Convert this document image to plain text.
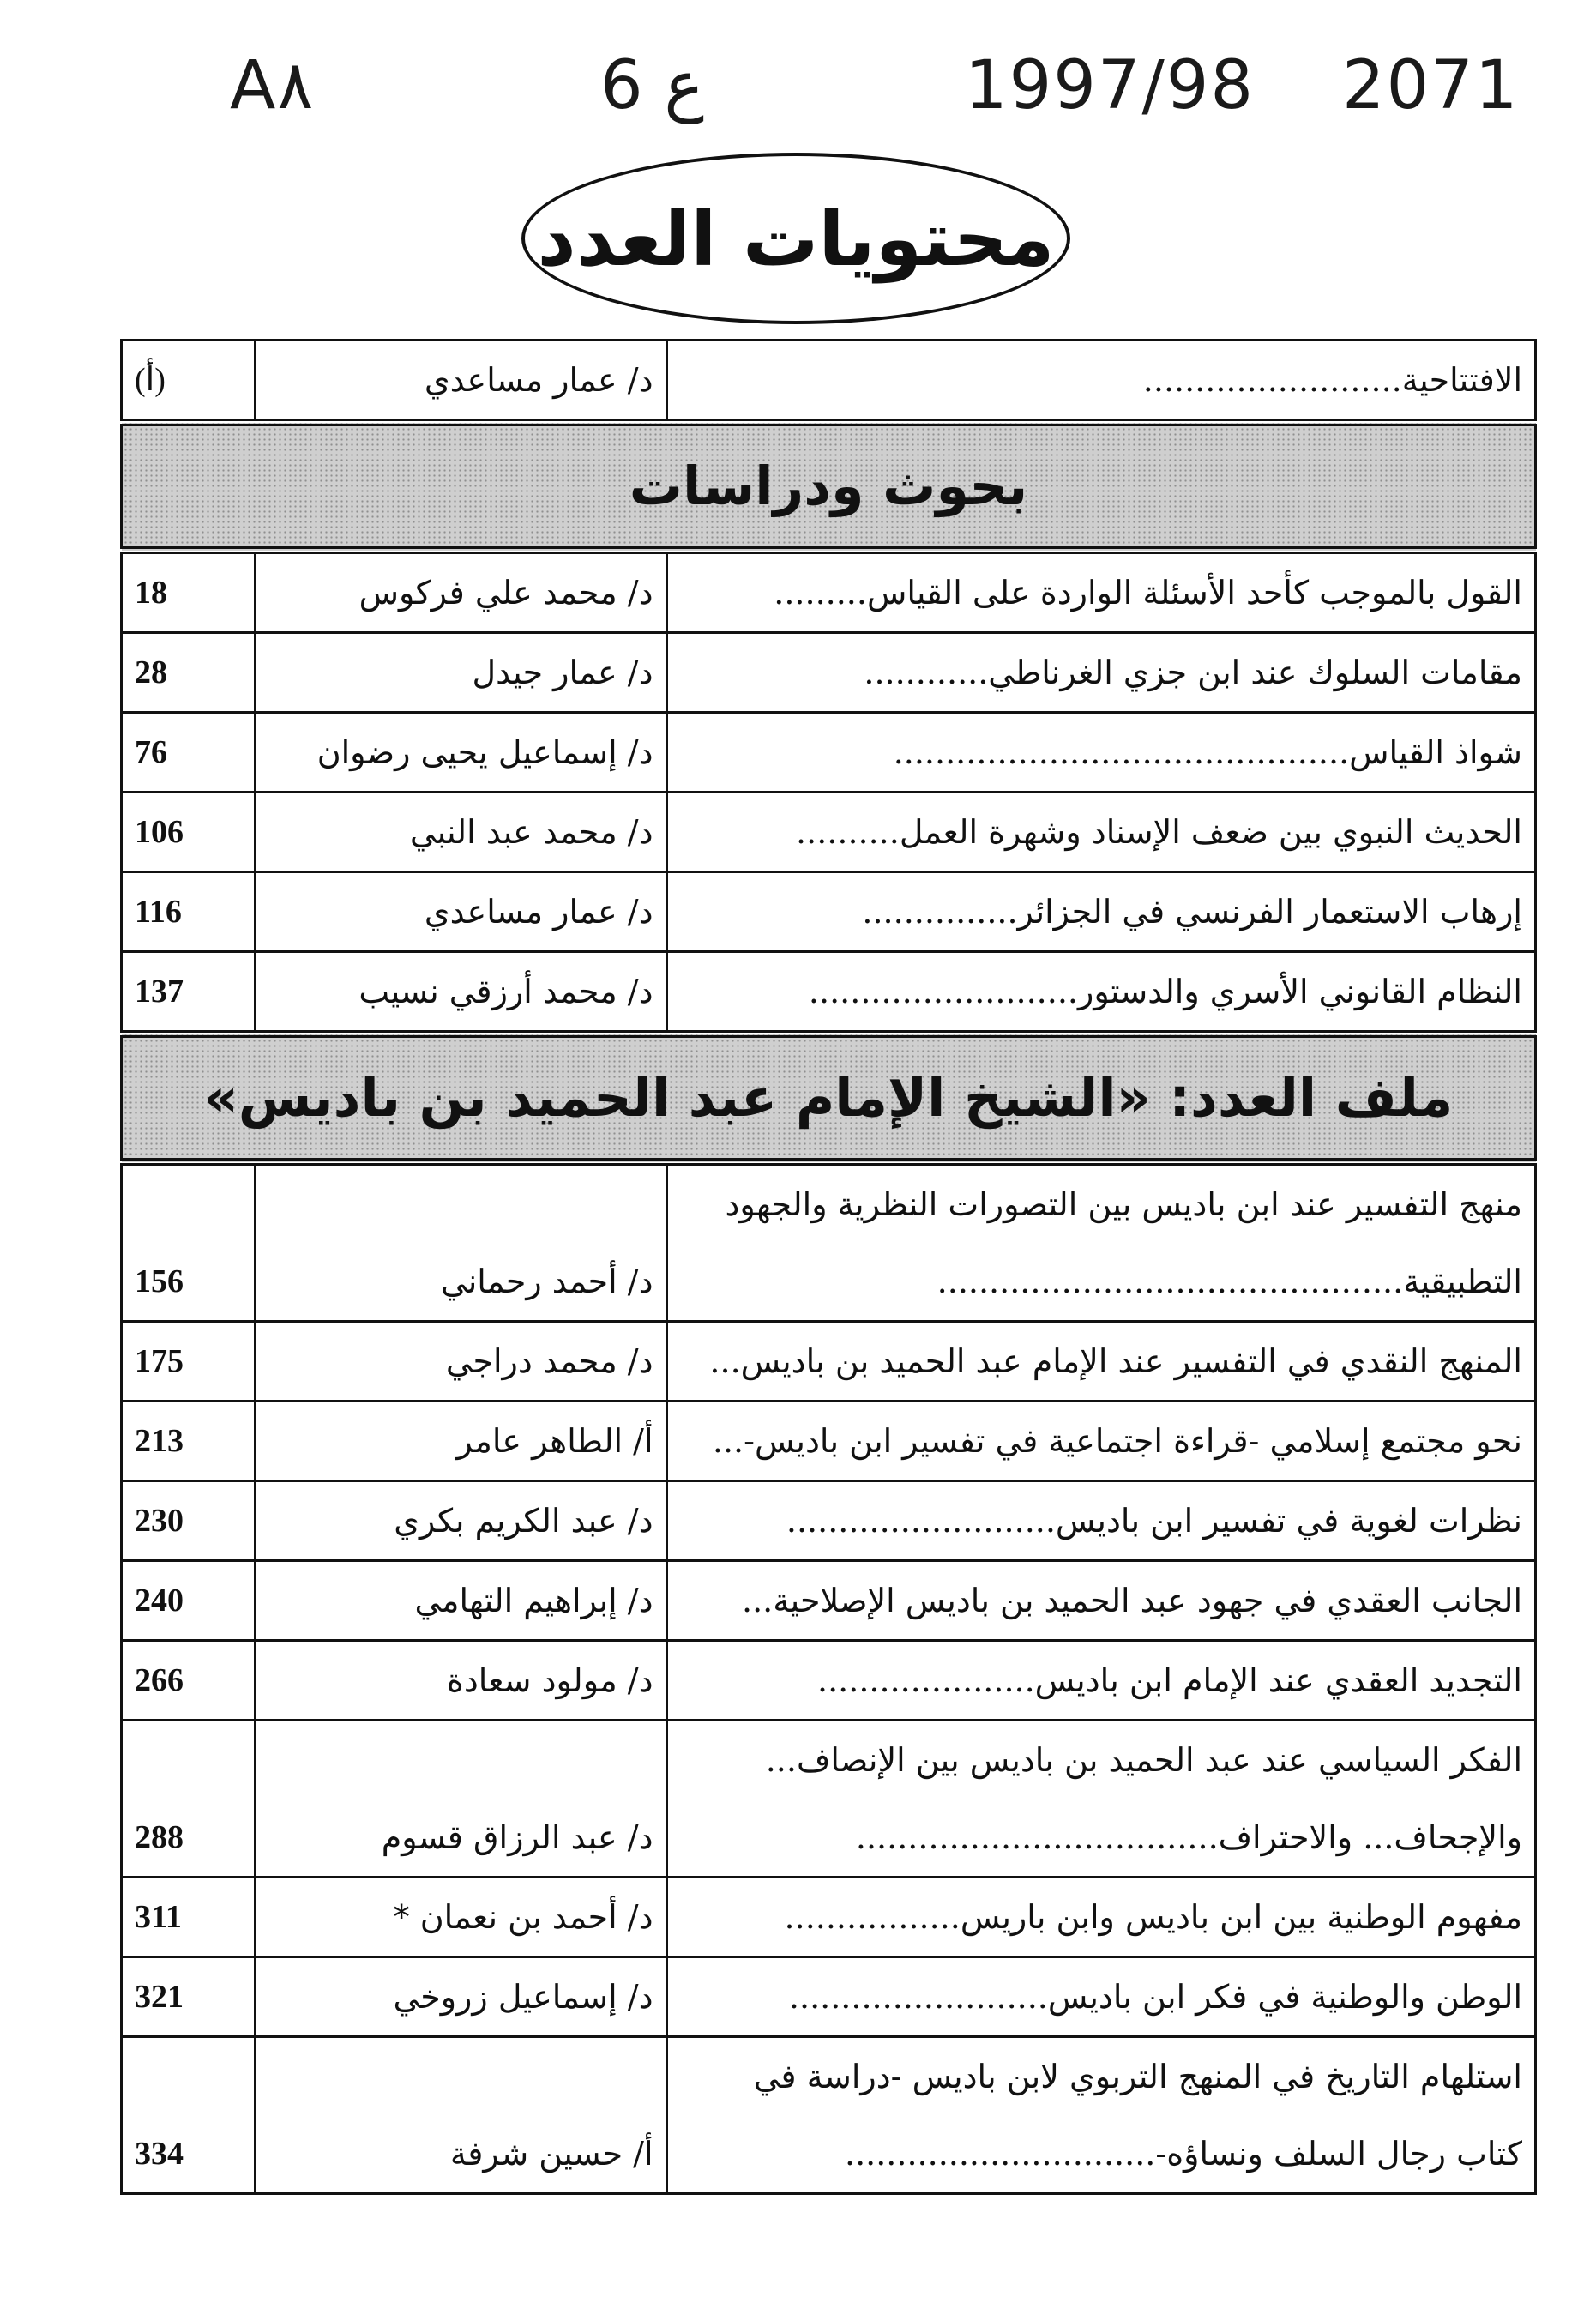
A٨	ع 6	1997/98 2071
محتويات العدد
الافتتاحية.........................	د/ عمار مساعدي	(أ)
بحوث ودراسات		
القول بالموجب كأحد الأسئلة الواردة على القياس.........	د/ محمد علي فركوس	18
مقامات السلوك عند ابن جزي الغرناطي............	د/ عمار جيدل	28
شواذ القياس............................................	د/ إسماعيل يحيى رضوان	76
الحديث النبوي بين ضعف الإسناد وشهرة العمل..........	د/ محمد عبد النبي	106
إرهاب الاستعمار الفرنسي في الجزائر...............	د/ عمار مساعدي	116
النظام القانوني الأسري والدستور..........................	د/ محمد أرزقي نسيب	137
ملف العدد: «الشيخ الإمام عبد الحميد بن باديس»		

منهج التفسير عند ابن باديس بين التصورات النظرية والجهود
التطبيقية.............................................	د/ أحمد رحماني	156
المنهج النقدي في التفسير عند الإمام عبد الحميد بن باديس...	د/ محمد دراجي	175
نحو مجتمع إسلامي -قراءة اجتماعية في تفسير ابن باديس-...	أ/ الطاهر عامر	213
نظرات لغوية في تفسير ابن باديس..........................	د/ عبد الكريم بكري	230
الجانب العقدي في جهود عبد الحميد بن باديس الإصلاحية...	د/ إبراهيم التهامي	240
التجديد العقدي عند الإمام ابن باديس.....................	د/ مولود سعادة	266

الفكر السياسي عند عبد الحميد بن باديس بين الإنصاف...
والإجحاف... والاحتراف...................................	د/ عبد الرزاق قسوم	288
مفهوم الوطنية بين ابن باديس وابن باريس.................	د/ أحمد بن نعمان *	311
الوطن والوطنية في فكر ابن باديس.........................	د/ إسماعيل زروخي	321

استلهام التاريخ في المنهج التربوي لابن باديس -دراسة في
كتاب رجال السلف ونساؤه-..............................	أ/ حسين شرفة	334
